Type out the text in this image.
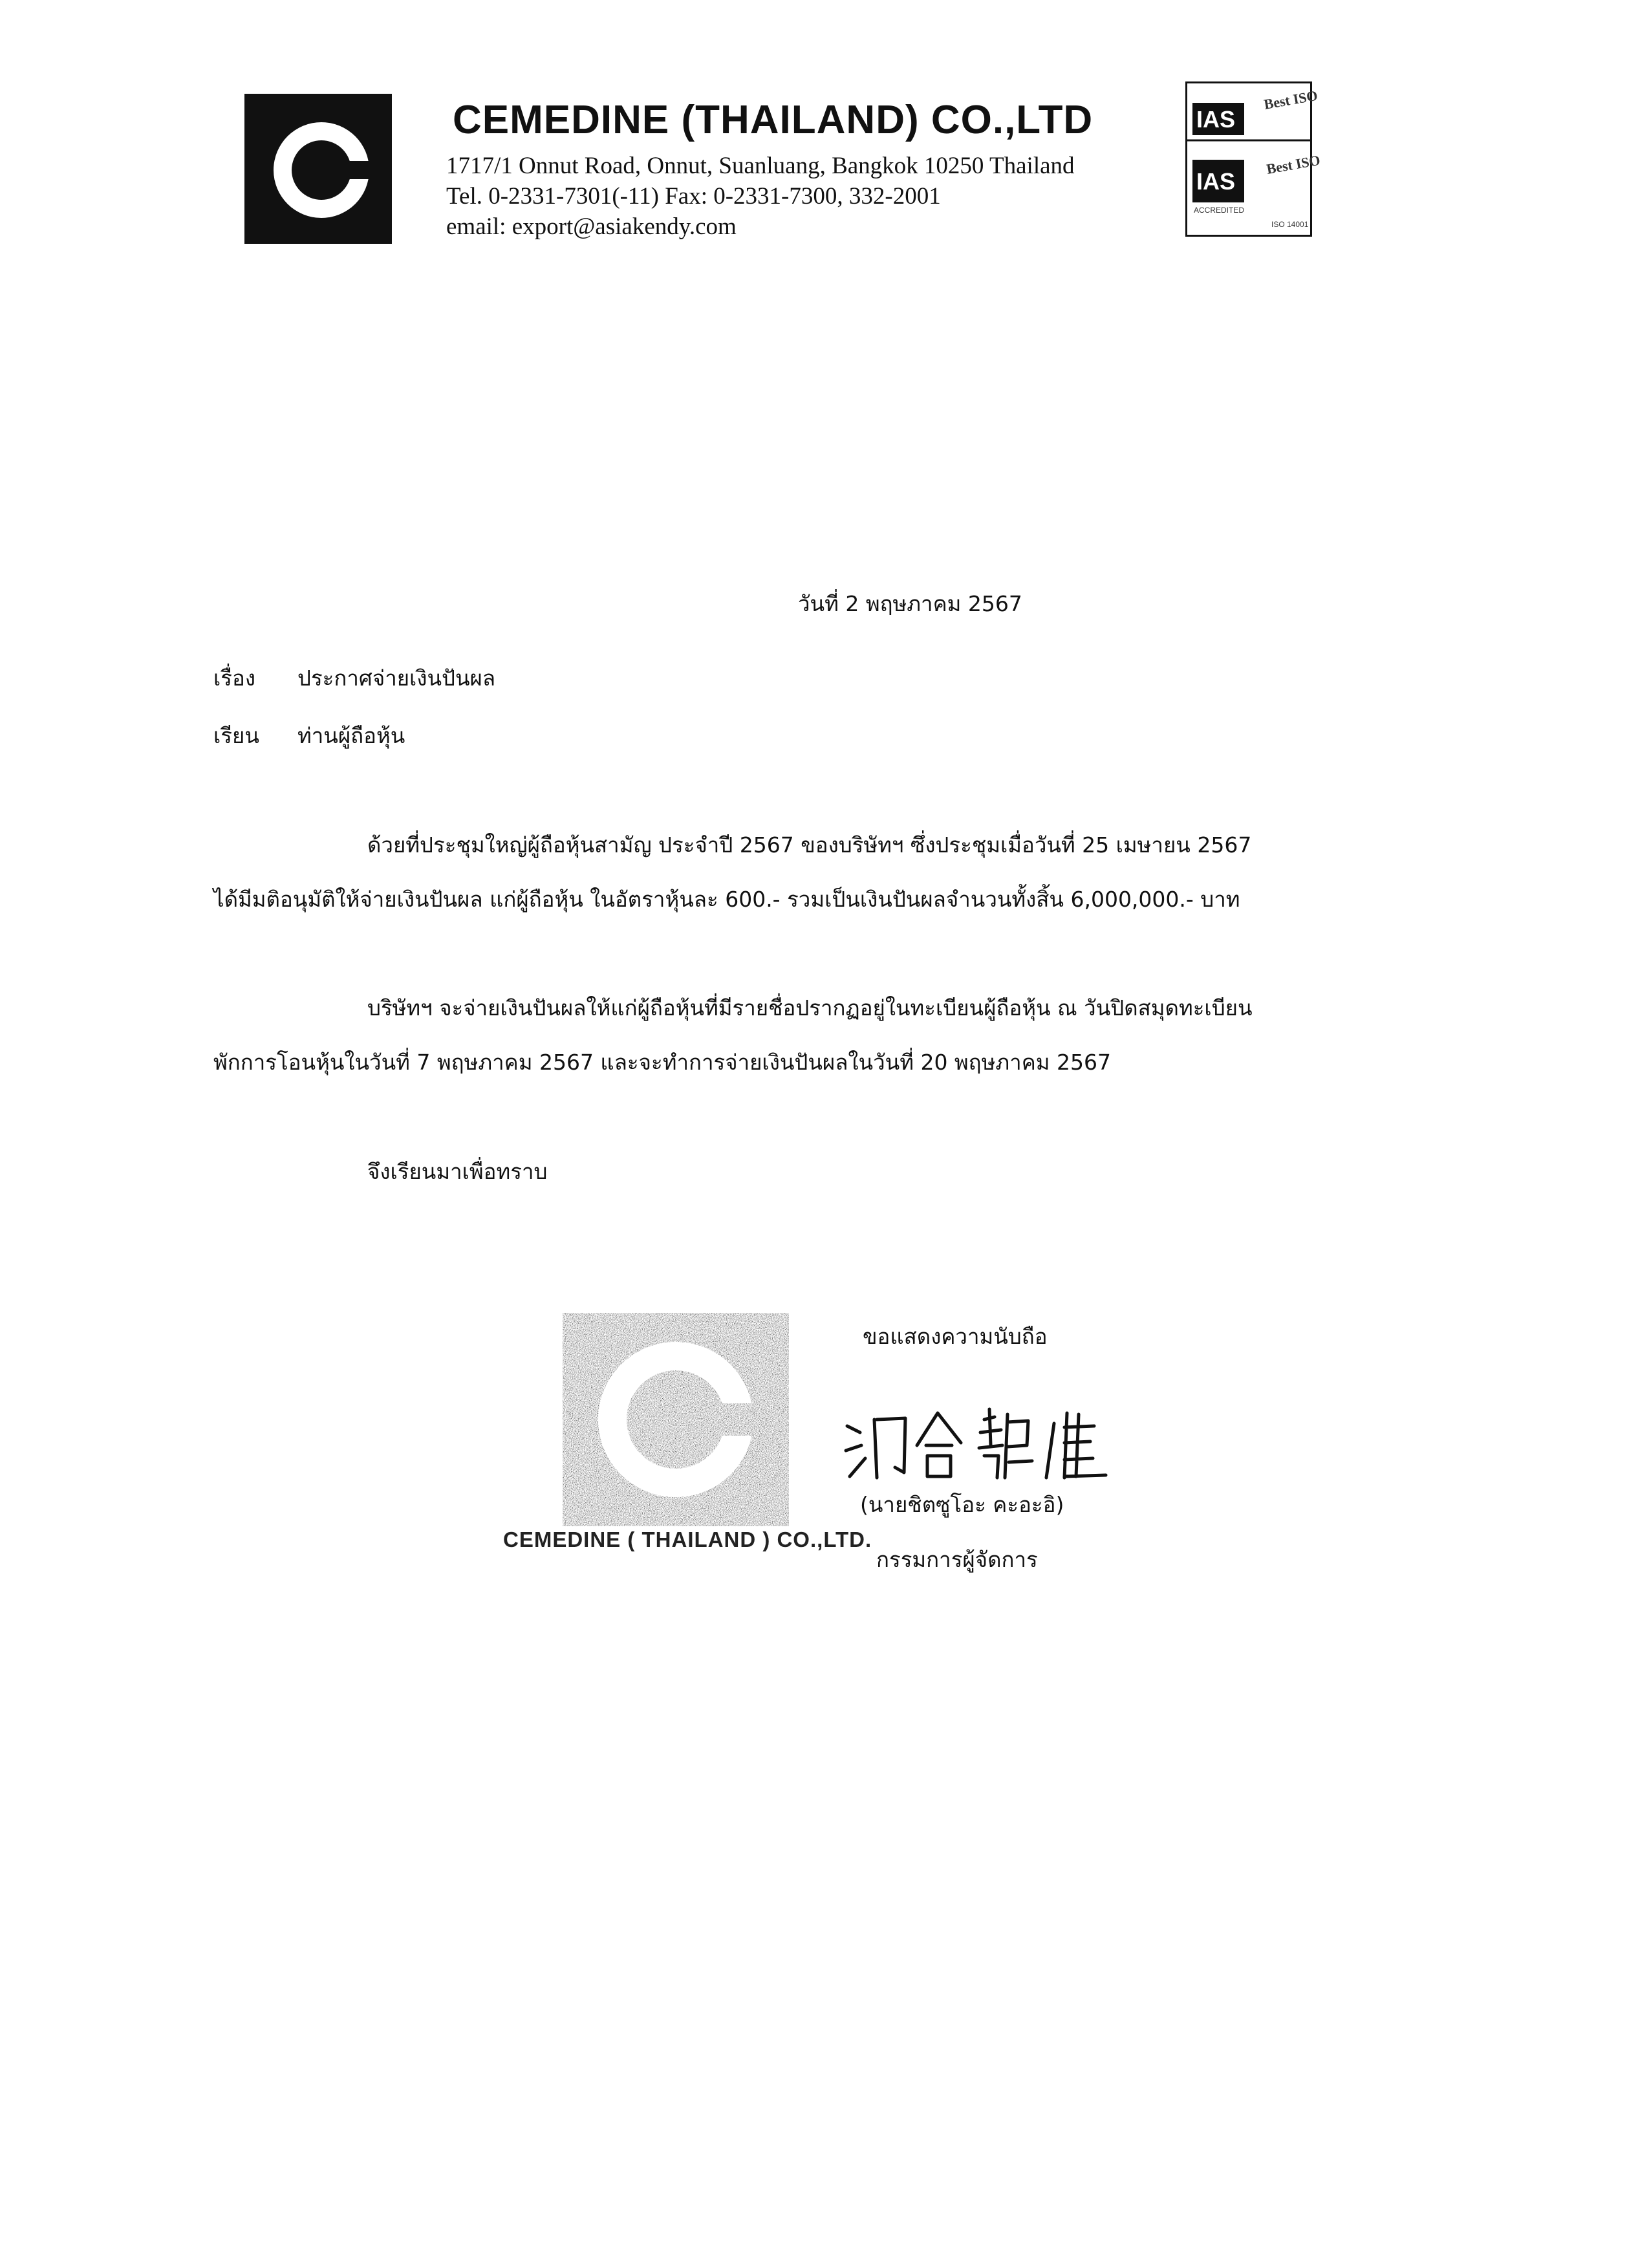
CEMEDINE (THAILAND) CO.,LTD
1717/1 Onnut Road, Onnut, Suanluang, Bangkok 10250 Thailand
Tel. 0-2331-7301(-11) Fax: 0-2331-7300, 332-2001
email: export@asiakendy.com
IAS
Best ISO
IAS
ACCREDITED
Best ISO
ISO 14001
วันที่ 2 พฤษภาคม 2567
เรื่อง ประกาศจ่ายเงินปันผล
เรียน ท่านผู้ถือหุ้น
ด้วยที่ประชุมใหญ่ผู้ถือหุ้นสามัญ ประจำปี 2567 ของบริษัทฯ ซึ่งประชุมเมื่อวันที่ 25 เมษายน 2567
ได้มีมติอนุมัติให้จ่ายเงินปันผล แก่ผู้ถือหุ้น ในอัตราหุ้นละ 600.- รวมเป็นเงินปันผลจำนวนทั้งสิ้น 6,000,000.- บาท
บริษัทฯ จะจ่ายเงินปันผลให้แก่ผู้ถือหุ้นที่มีรายชื่อปรากฏอยู่ในทะเบียนผู้ถือหุ้น ณ วันปิดสมุดทะเบียน
พักการโอนหุ้นในวันที่ 7 พฤษภาคม 2567 และจะทำการจ่ายเงินปันผลในวันที่ 20 พฤษภาคม 2567
จึงเรียนมาเพื่อทราบ
ขอแสดงความนับถือ
CEMEDINE ( THAILAND ) CO.,LTD.
(นายชิตซูโอะ คะอะอิ)
กรรมการผู้จัดการ
